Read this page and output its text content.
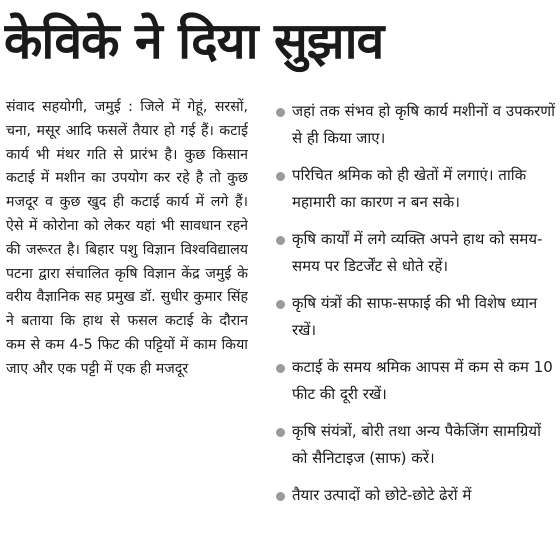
केविके ने दिया सुझाव

संवाद सहयोगी, जमुई : जिले में गेहूं, सरसों, चना, मसूर आदि फसलें तैयार हो गई हैं। कटाई कार्य भी मंथर गति से प्रारंभ है। कुछ किसान कटाई में मशीन का उपयोग कर रहे है तो कुछ मजदूर व कुछ खुद ही कटाई कार्य में लगे हैं। ऐसे में कोरोना को लेकर यहां भी सावधान रहने की जरूरत है। बिहार पशु विज्ञान विश्वविद्यालय पटना द्वारा संचालित कृषि विज्ञान केंद्र जमुई के वरीय वैज्ञानिक सह प्रमुख डॉ. सुधीर कुमार सिंह ने बताया कि हाथ से फसल कटाई के दौरान कम से कम 4-5 फिट की पट्टियों में काम किया जाए और एक पट्टी में एक ही मजदूर

जहां तक संभव हो कृषि कार्य मशीनों व उपकरणों से ही किया जाए।
परिचित श्रमिक को ही खेतों में लगाएं। ताकि महामारी का कारण न बन सके।
कृषि कार्यों में लगे व्यक्ति अपने हाथ को समय-समय पर डिटर्जेंट से धोते रहें।
कृषि यंत्रों की साफ-सफाई की भी विशेष ध्यान रखें।
कटाई के समय श्रमिक आपस में कम से कम 10 फीट की दूरी रखें।
कृषि संयंत्रों, बोरी तथा अन्य पैकेजिंग सामग्रियों को सैनिटाइज (साफ) करें।
तैयार उत्पादों को छोटे-छोटे ढेरों में
